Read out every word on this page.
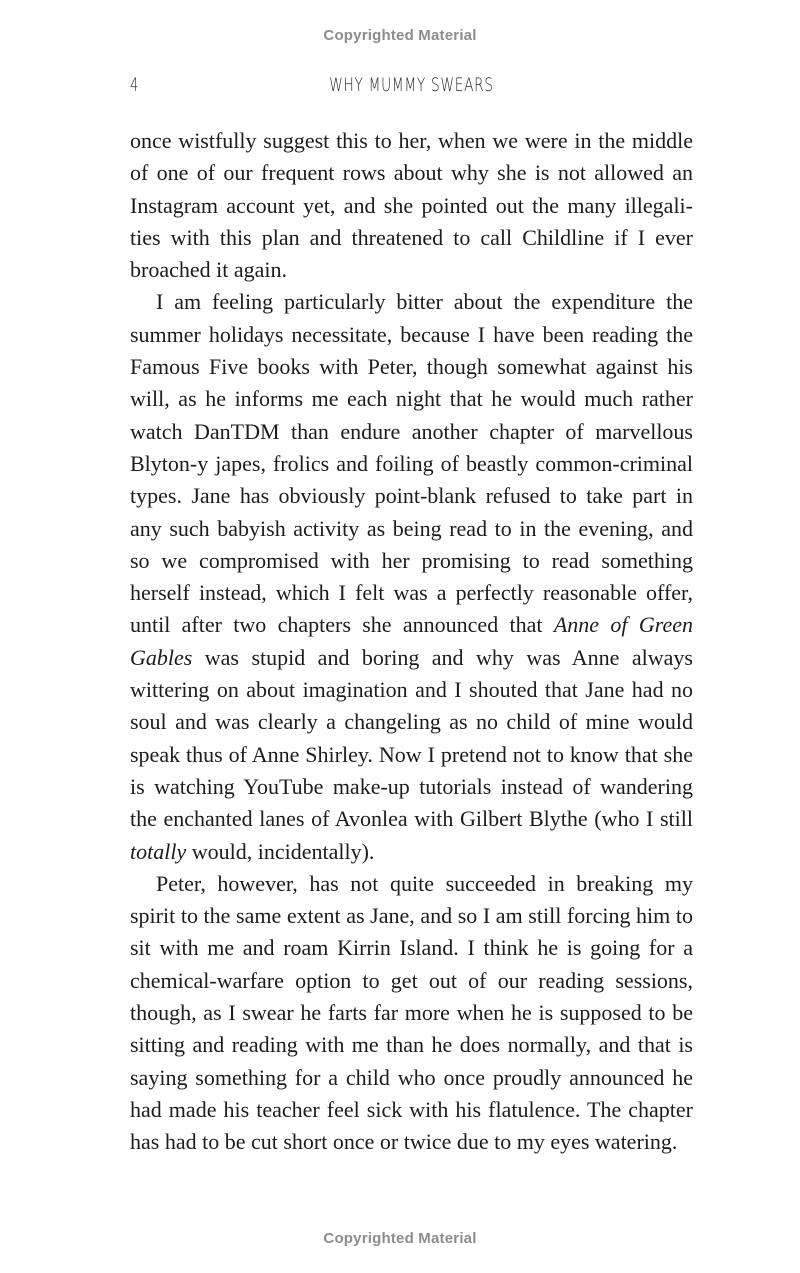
Copyrighted Material
4	WHY MUMMY SWEARS

once wistfully suggest this to her, when we were in the middle of one of our frequent rows about why she is not allowed an Instagram account yet, and she pointed out the many illegali-ties with this plan and threatened to call Childline if I ever broached it again.

I am feeling particularly bitter about the expenditure the summer holidays necessitate, because I have been reading the Famous Five books with Peter, though somewhat against his will, as he informs me each night that he would much rather watch DanTDM than endure another chapter of marvellous Blyton-y japes, frolics and foiling of beastly common-criminal types. Jane has obviously point-blank refused to take part in any such babyish activity as being read to in the evening, and so we compromised with her promising to read something herself instead, which I felt was a perfectly reasonable offer, until after two chapters she announced that Anne of Green Gables was stupid and boring and why was Anne always wittering on about imagination and I shouted that Jane had no soul and was clearly a changeling as no child of mine would speak thus of Anne Shirley. Now I pretend not to know that she is watching YouTube make-up tutorials instead of wandering the enchanted lanes of Avonlea with Gilbert Blythe (who I still totally would, incidentally).

Peter, however, has not quite succeeded in breaking my spirit to the same extent as Jane, and so I am still forcing him to sit with me and roam Kirrin Island. I think he is going for a chemical-warfare option to get out of our reading sessions, though, as I swear he farts far more when he is supposed to be sitting and reading with me than he does normally, and that is saying something for a child who once proudly announced he had made his teacher feel sick with his flatulence. The chapter has had to be cut short once or twice due to my eyes watering.

Copyrighted Material
